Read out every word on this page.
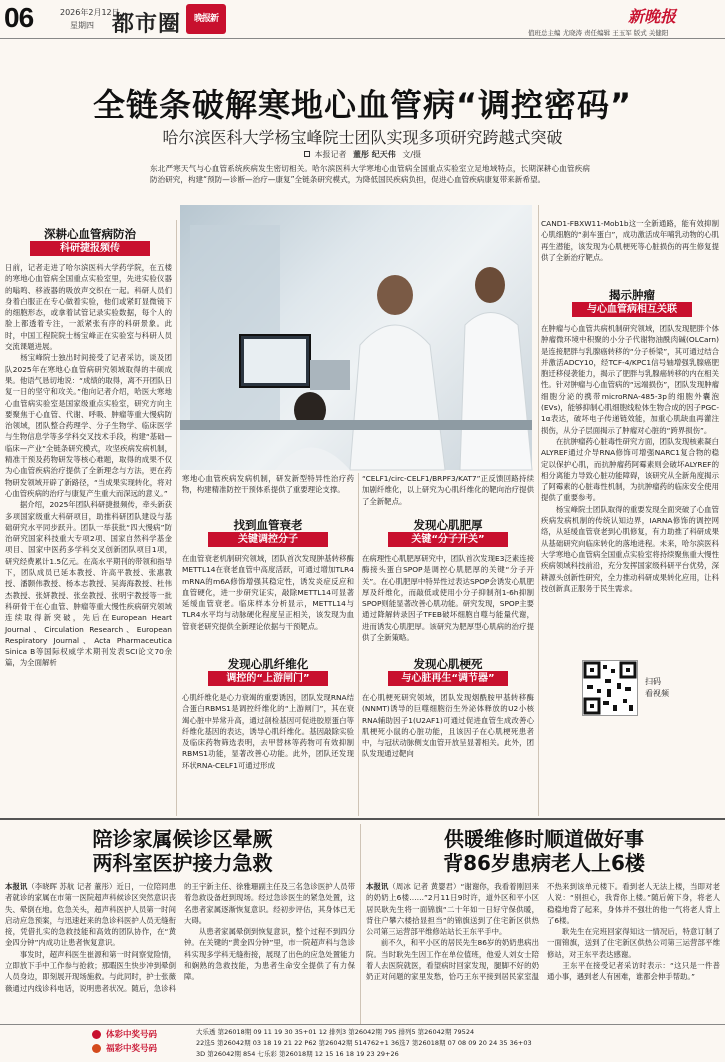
06	2026年2月12日
星期四 都市圈	晚报新	新晚报
值班总主编 尤晓涛 责任编辑 王玉军 版式 关健阳
全链条破解寒地心血管病“调控密码”
哈尔滨医科大学杨宝峰院士团队实现多项研究跨越式突破
本报记者 董彤 纪天伟 文/摄
东北严寒天气与心血管系统疾病发生密切相关。哈尔滨医科大学寒地心血管病全国重点实验室立足地域特点，长期深耕心血管疾病防治研究，构建“预防—诊断—治疗—康复”全链条研究模式，为降低国民疾病负担，促进心血管疾病康复带来新希望。
深耕心血管病防治
科研捷报频传
日前，记者走进了哈尔滨医科大学药学院，在五楼的寒地心血管病全国重点实验室里，先进实验仪器的嗡鸣、移液器的吸放声交织在一起。科研人员们身着白服正在专心做着实验，他们或紧盯显微镜下的细胞形态，或拿着试管记录实验数据，每个人的脸上都透着专注，一派紧张有序的科研景象。此时，中国工程院院士杨宝峰正在实验室与科研人员交流课题进展。
　　杨宝峰院士独出时间接受了记者采访，谈及团队2025年在寒地心血管病研究领域取得的丰硕成果。他语气恳切地说：“成绩的取得，离不开团队日复一日的坚守和攻关。”他向记者介绍，哈医大寒地心血管病实验室是国家级重点实验室，研究方向主要聚焦于心血管、代谢、呼吸、肿瘤等重大慢病防治领域，团队整合药理学、分子生物学、临床医学与生物信息学等多学科交叉技术手段，构建“基础—临床—产业”全链条研究模式，攻坚疾病发病机制，精准干预及药物研发等核心难题，取得的成果不仅为心血管疾病治疗提供了全新理念与方法，更在药物研发领域开辟了新路径，“当成果实现转化，将对心血管疾病的治疗与康复产生重大而深远的意义。”
　　据介绍，2025年团队科研捷报频传，牵头新获多项国家级重大科研项目，助推科研团队建设与基础研究水平同步跃升。团队一举获批“四大慢病”防治研究国家科技重大专项2项、国家自然科学基金项目、国家中医药多学科交叉创新团队项目1项，研究经费累计1.5亿元。在高水平期刊的带领和指导下，团队成员已延本教授、许高平教授、张惠教授、潘颢伟教授、杨本志教授、吴海海教授、杜伟杰教授、张妍教授、张垒教授、张明宇教授等一批科研骨干在心血管、肿瘤等重大慢性疾病研究领域连续取得新突破，先后在European Heart Journal、Circulation Research、European Respiratory Journal、Acta Pharmaceutica Sinica B等国际权威学术期刊发表SCI论文70余篇，为全面解析
寒地心血管疾病发病机制，研发新型特异性治疗药物，构建精准防控干预体系提供了重要理论支撑。
找到血管衰老
关键调控分子
在血管衰老机制研究领域，团队首次发现肿基转移酶METTL14在衰老血管中高度活跃，可通过增加TLR4 mRNA的m6A修饰增强其稳定性，诱发炎症反应和血管硬化，进一步研究证实，敲除METTL14可显著延缓血管衰老。临床样本分析显示，METTL14与TLR4水平均与动脉硬化程度呈正相关，该发现为血管衰老研究提供全新理论依据与干预靶点。
发现心肌纤维化
调控的“上游闸门”
心肌纤维化是心力衰竭的重要诱因，团队发现RNA结合蛋白RBMS1是调控纤维化的“上游闸门”，其在衰竭心脏中异常升高，通过剖检基因可促进胶原蛋白等纤维化基因的表达，诱导心肌纤维化。基因敲除实验及临床药物筛选表明，去甲替林等药物可有效抑制RBMS1功能，显著改善心功能。此外，团队还发现环状RNA-CELF1可通过形成
“CELF1/circ-CELF1/BRPF3/KAT7”正反馈回路持续加剧纤维化，以上研究为心肌纤维化的靶向治疗提供了全新靶点。
发现心肌肥厚
关键“分子开关”
在病理性心肌肥厚研究中，团队首次发现E3泛素连接酶接头蛋白SPOP是调控心肌肥厚的关键“分子开关”。在心肌肥厚中特异性过表达SPOP会诱发心肌肥厚及纤维化，而敲低或使用小分子抑制剂1-6h抑制SPOP则能显著改善心肌功能。研究发现，SPOP主要通过降解转录因子TFEB破坏细胞自噬与能量代谢，进而诱发心肌肥厚。该研究为肥厚型心肌病的治疗提供了全新策略。
发现心肌梗死
与心脏再生“调节器”
在心肌梗死研究领域，团队发现烟酰胺甲基转移酶(NNMT)诱导的巨噬细胞衍生外泌体释放的U2小核RNA辅助因子1(U2AF1)可通过促进血管生成改善心肌梗死小鼠的心脏功能，且该因子在心肌梗死患者中，与冠状动脉侧支血管开放呈显著相关。此外，团队发现通过靶向
CAND1-FBXW11-Mob1b这一全新通路，能有效抑制心肌细胞的“刹车蛋白”，成功激活成年哺乳动物的心肌再生潜能，该发现为心肌梗死等心脏损伤的再生修复提供了全新治疗靶点。
揭示肿瘤
与心血管病相互关联
在肿瘤与心血管共病机制研究领域，团队发现肥胖个体肿瘤微环境中积聚的小分子代谢物油酰肉碱(OLCarn)是连接肥胖与乳腺癌转移的“分子桥梁”，其可通过结合并激活ADCY10，经TCF-4/KPC1信号轴增强乳腺癌肥胞迁移侵袭能力，揭示了肥胖与乳腺癌转移的内在相关性。针对肿瘤与心血管病的“远端损伤”，团队发现肿瘤细胞分泌的携带microRNA-485-3p的细胞外囊泡(EVs)，能够抑制心肌细胞线粒体生物合成的因子PGC-1α表达，破坏电子传递链效能，加重心肌缺血再灌注损伤，从分子层面揭示了肿瘤对心脏的“跨界损伤”。
　　在抗肿瘤药心脏毒性研究方面，团队发现核素凝白ALYREF通过介导RNA修饰可增强NARC1复合物的稳定以保护心肌，而抗肿瘤药阿霉素则会破坏ALYREF的相分离能力导致心脏功能障碍，该研究从全新角度揭示了阿霉素的心脏毒性机制，为抗肿瘤药的临床安全使用提供了重要参考。
　　杨宝峰院士团队取得的重要发现全面突破了心血管疾病发病机制的传统认知边界，IARNA修饰的调控网络，从延缓血管衰老到心肌修复，有力助推了科研成果从基础研究向临床转化的落地进程。未来，哈尔滨医科大学寒地心血管病全国重点实验室将持续聚焦重大慢性疾病领域科技前沿，充分发挥国家级科研平台优势，深耕源头创新性研究，全力推动科研成果转化应用，让科技创新真正服务于民生需求。
扫码
看视频
陪诊家属候诊区晕厥
两科室医护接力急救
本报讯（李晓晖 苏航 记者 董彤）近日，一位陪同患者就诊的家属在市第一医院超声科候诊区突然意识丧失、晕倒在地。危急关头，超声科医护人员第一时间启动应急预案，与迅速赶来的急诊科医护人员无缝衔接，凭借扎实的急救技能和高效的团队协作，在“黄金四分钟”内成功让患者恢复意识。
　　事发时，超声科医生崔源和第一时间察觉险情，立即放下手中工作参与抢救；那暇医生快步冲到晕倒人员身边，即刻展开现场施救。与此同时，护士张薇薇通过内线诊科电话，说明患者状况。随后，急诊科的王宇新主任、徐雅珊副主任及三名急诊医护人员带着急救设备赶到现场。经过急诊医生的紧急处置，这名患者家属逐渐恢复意识。经初步评估，其身体已无大碍。
　　从患者家属晕倒到恢复意识，整个过程不到四分钟。在关键的“黄金四分钟”里，市一院超声科与急诊科实现多学科无缝衔接，展现了出色的应急处置能力和娴熟的急救技能，为患者生命安全提供了有力保障。
供暖维修时顺道做好事
背86岁患病老人上6楼
本报讯（周冰 记者 黄婴君）“谢谢你，我看着刚回来的奶奶上6楼……”2月11日9时许，道外区和平小区居民耿先生将一面锦旗“二十年如一日好守保供暖，背住户攀六楼拾显担当”的锦旗送到了住宅新区供热公司第三运营部平维修站站长王东平手中。
　　前不久，和平小区的居民先生86岁的奶奶患病出院。当时耿先生因工作在单位值班，他爱人刘女士陪着人去医院就医，看望病时回家发现，腿脚不好的奶奶正对问题的家里发愁，恰巧王东平接到居民家室温不热来到该单元楼下。看到老人无法上楼，当即对老人说：“别担心，我背你上楼。”随后俯下身，将老人稳稳地背了起来，身体并不强壮的他一气将老人背上了6楼。
　　耿先生在完班回家得知这一情况后，特意订制了一面锦旗，送到了住宅新区供热公司第三运营部平维修站，对王东平表达感谢。
　　王东平在接受记者采访时表示：“这只是一件普通小事，遇到老人有困难，谁都会伸手帮助。”
体彩中奖号码
福彩中奖号码
大乐透 第26018期 09 11 19 30 35+01 12 排列3 第26042期 795 排列5 第26042期 79524
22选5 第26042期 03 18 19 21 22 P62 第26042期 514762+1 36选7 第26018期 07 08 09 20 24 35 36+03
3D 第26042期 854 七乐彩 第26018期 12 15 16 18 19 23 29+26
